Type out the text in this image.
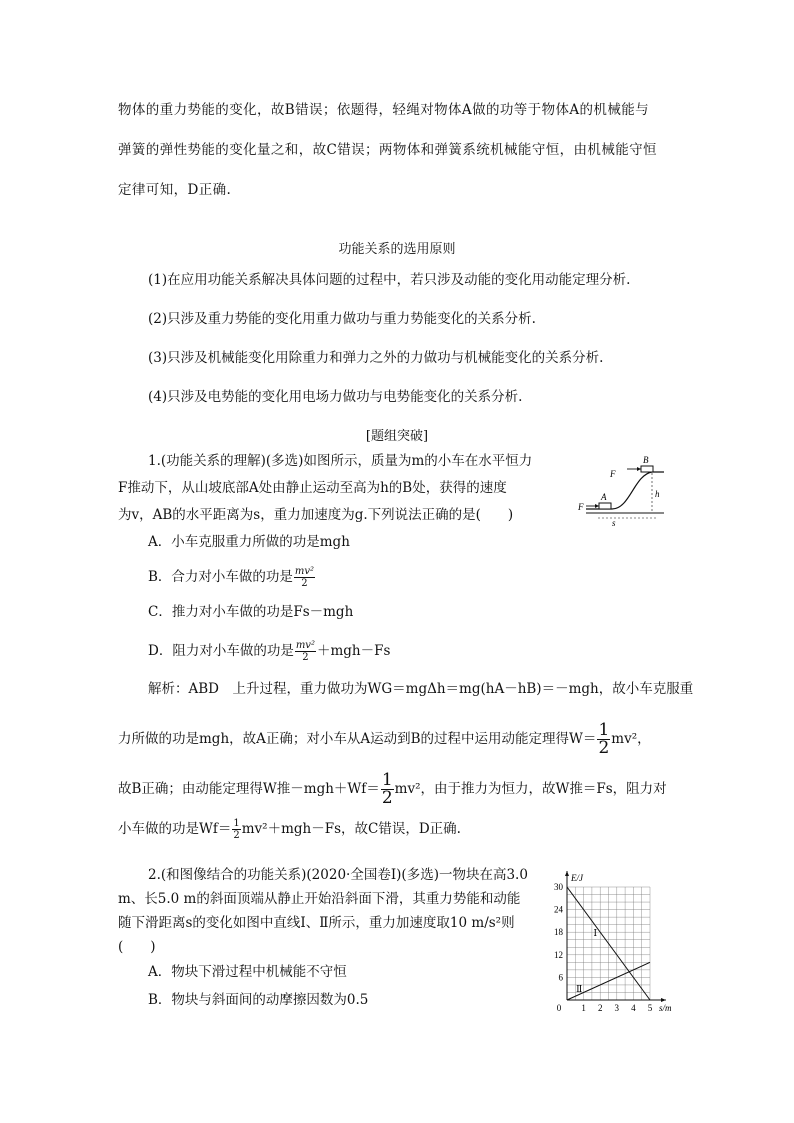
物体的重力势能的变化，故B错误；依题得，轻绳对物体A做的功等于物体A的机械能与
弹簧的弹性势能的变化量之和，故C错误；两物体和弹簧系统机械能守恒，由机械能守恒
定律可知，D正确.
功能关系的选用原则
(1)在应用功能关系解决具体问题的过程中，若只涉及动能的变化用动能定理分析.
(2)只涉及重力势能的变化用重力做功与重力势能变化的关系分析.
(3)只涉及机械能变化用除重力和弹力之外的力做功与机械能变化的关系分析.
(4)只涉及电势能的变化用电场力做功与电势能变化的关系分析.
[题组突破]
1.(功能关系的理解)(多选)如图所示，质量为m的小车在水平恒力
F推动下，从山坡底部A处由静止运动至高为h的B处，获得的速度
为v，AB的水平距离为s，重力加速度为g.下列说法正确的是(　　)
A．小车克服重力所做的功是mgh
B．合力对小车做的功是 $\frac{\text{mv²}}{2}$
C．推力对小车做的功是Fs－mgh
D．阻力对小车做的功是 $\frac{\text{mv²}}{2} +mgh-Fs$
F
F
A
B
h
s
解析：ABD　上升过程，重力做功为WG＝mgΔh＝mg(hA－hB)＝－mgh，故小车克服重
力所做的功是mgh，故A正确；对小车从A运动到B的过程中运用动能定理得$W= \frac{1}{2} mv^2$，
故B正确；由动能定理得W推$-mgh+Wf= \frac{1}{2} mv^2$，由于推力为恒力，故W推＝Fs，阻力对
小车做的功是$Wf= \frac{1}{2} mv^2+mgh-Fs$，故C错误，D正确.
2.(和图像结合的功能关系)(2020·全国卷Ⅰ)(多选)一物块在高3.0
m、长5.0 m的斜面顶端从静止开始沿斜面下滑，其重力势能和动能
随下滑距离s的变化如图中直线Ⅰ、Ⅱ所示，重力加速度取10 m/s²则
(　　)
A．物块下滑过程中机械能不守恒
B．物块与斜面间的动摩擦因数为0.5	0 1 2 3 4 5
6
12
18
24
30
E/J
s/m
Ⅰ
Ⅱ
